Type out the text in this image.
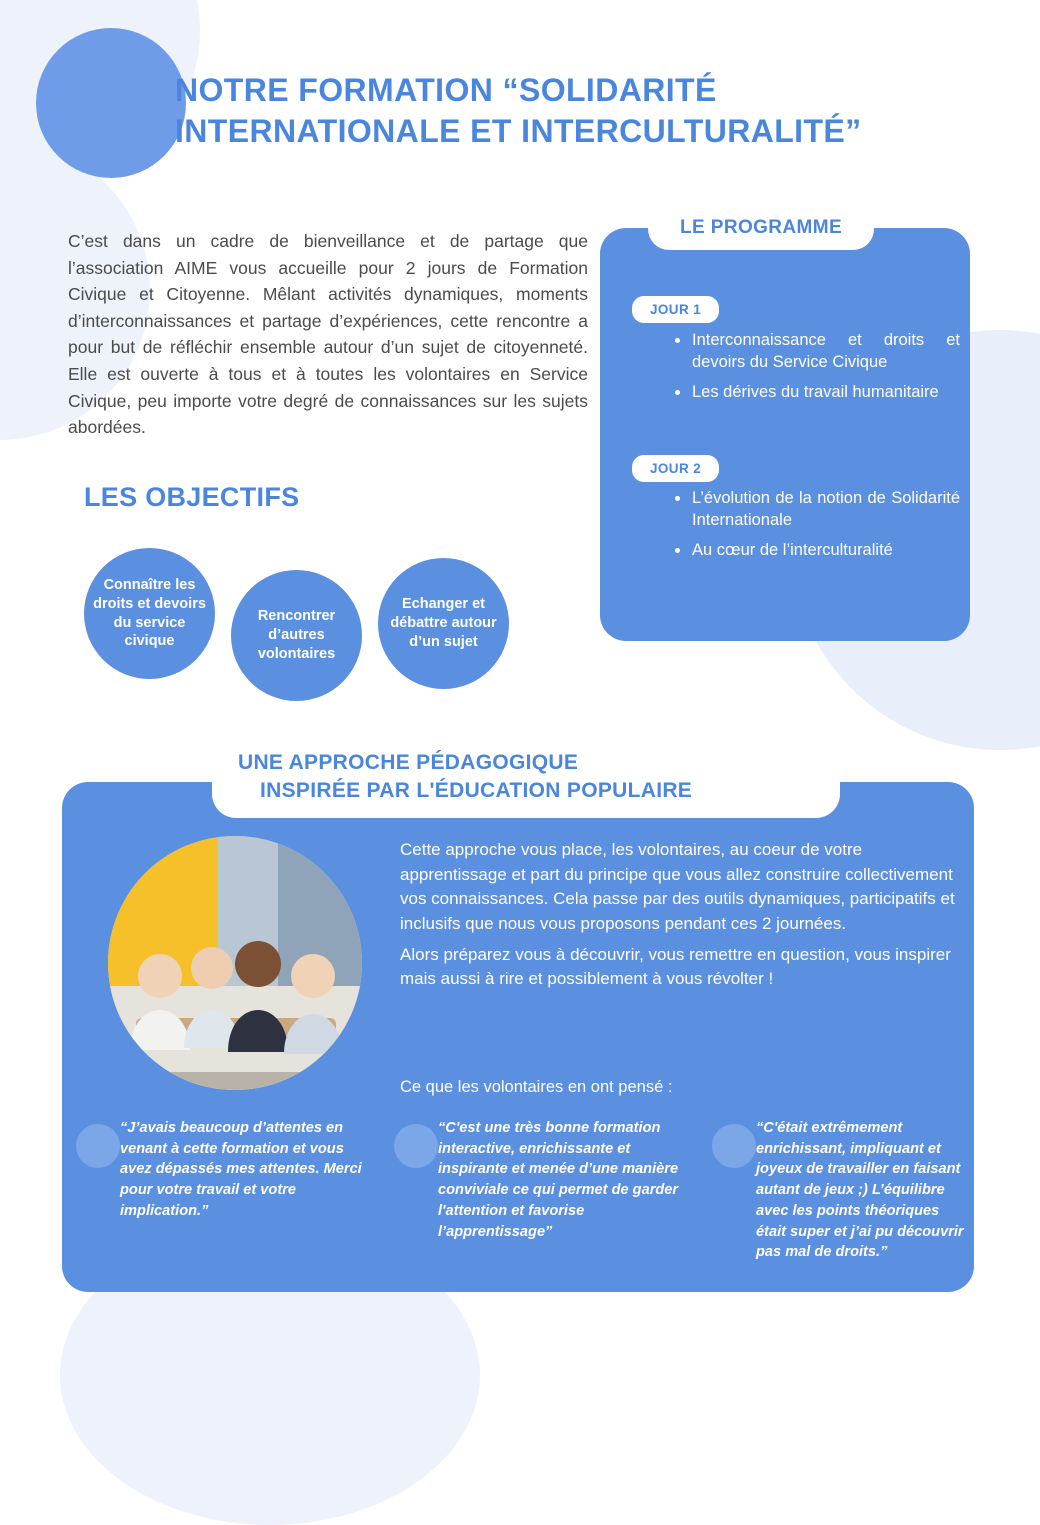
NOTRE FORMATION “SOLIDARITÉ INTERNATIONALE ET INTERCULTURALITÉ”
C’est dans un cadre de bienveillance et de partage que l’association AIME vous accueille pour 2 jours de Formation Civique et Citoyenne. Mêlant activités dynamiques, moments d’interconnaissances et partage d’expériences, cette rencontre a pour but de réfléchir ensemble autour d’un sujet de citoyenneté. Elle est ouverte à tous et à toutes les volontaires en Service Civique, peu importe votre degré de connaissances sur les sujets abordées.
LES OBJECTIFS
Connaître les droits et devoirs du service civique
Rencontrer d’autres volontaires
Echanger et débattre autour d’un sujet
LE PROGRAMME
JOUR 1
• Interconnaissance et droits et devoirs du Service Civique
• Les dérives du travail humanitaire
JOUR 2
• L’évolution de la notion de Solidarité Internationale
• Au cœur de l’interculturalité
UNE APPROCHE PÉDAGOGIQUE
INSPIRÉE PAR L'ÉDUCATION POPULAIRE

Cette approche vous place, les volontaires, au coeur de votre apprentissage et part du principe que vous allez construire collectivement vos connaissances. Cela passe par des outils dynamiques, participatifs et inclusifs que nous vous proposons pendant ces 2 journées.

Alors préparez vous à découvrir, vous remettre en question, vous inspirer mais aussi à rire et possiblement à vous révolter !

Ce que les volontaires en ont pensé :

“J’avais beaucoup d’attentes en venant à cette formation et vous avez dépassés mes attentes. Merci pour votre travail et votre implication.”

“C'est une très bonne formation interactive, enrichissante et inspirante et menée d’une manière conviviale ce qui permet de garder l'attention et favorise l’apprentissage”

“C'était extrêmement enrichissant, impliquant et joyeux de travailler en faisant autant de jeux ;) L’équilibre avec les points théoriques était super et j’ai pu découvrir pas mal de droits.”
